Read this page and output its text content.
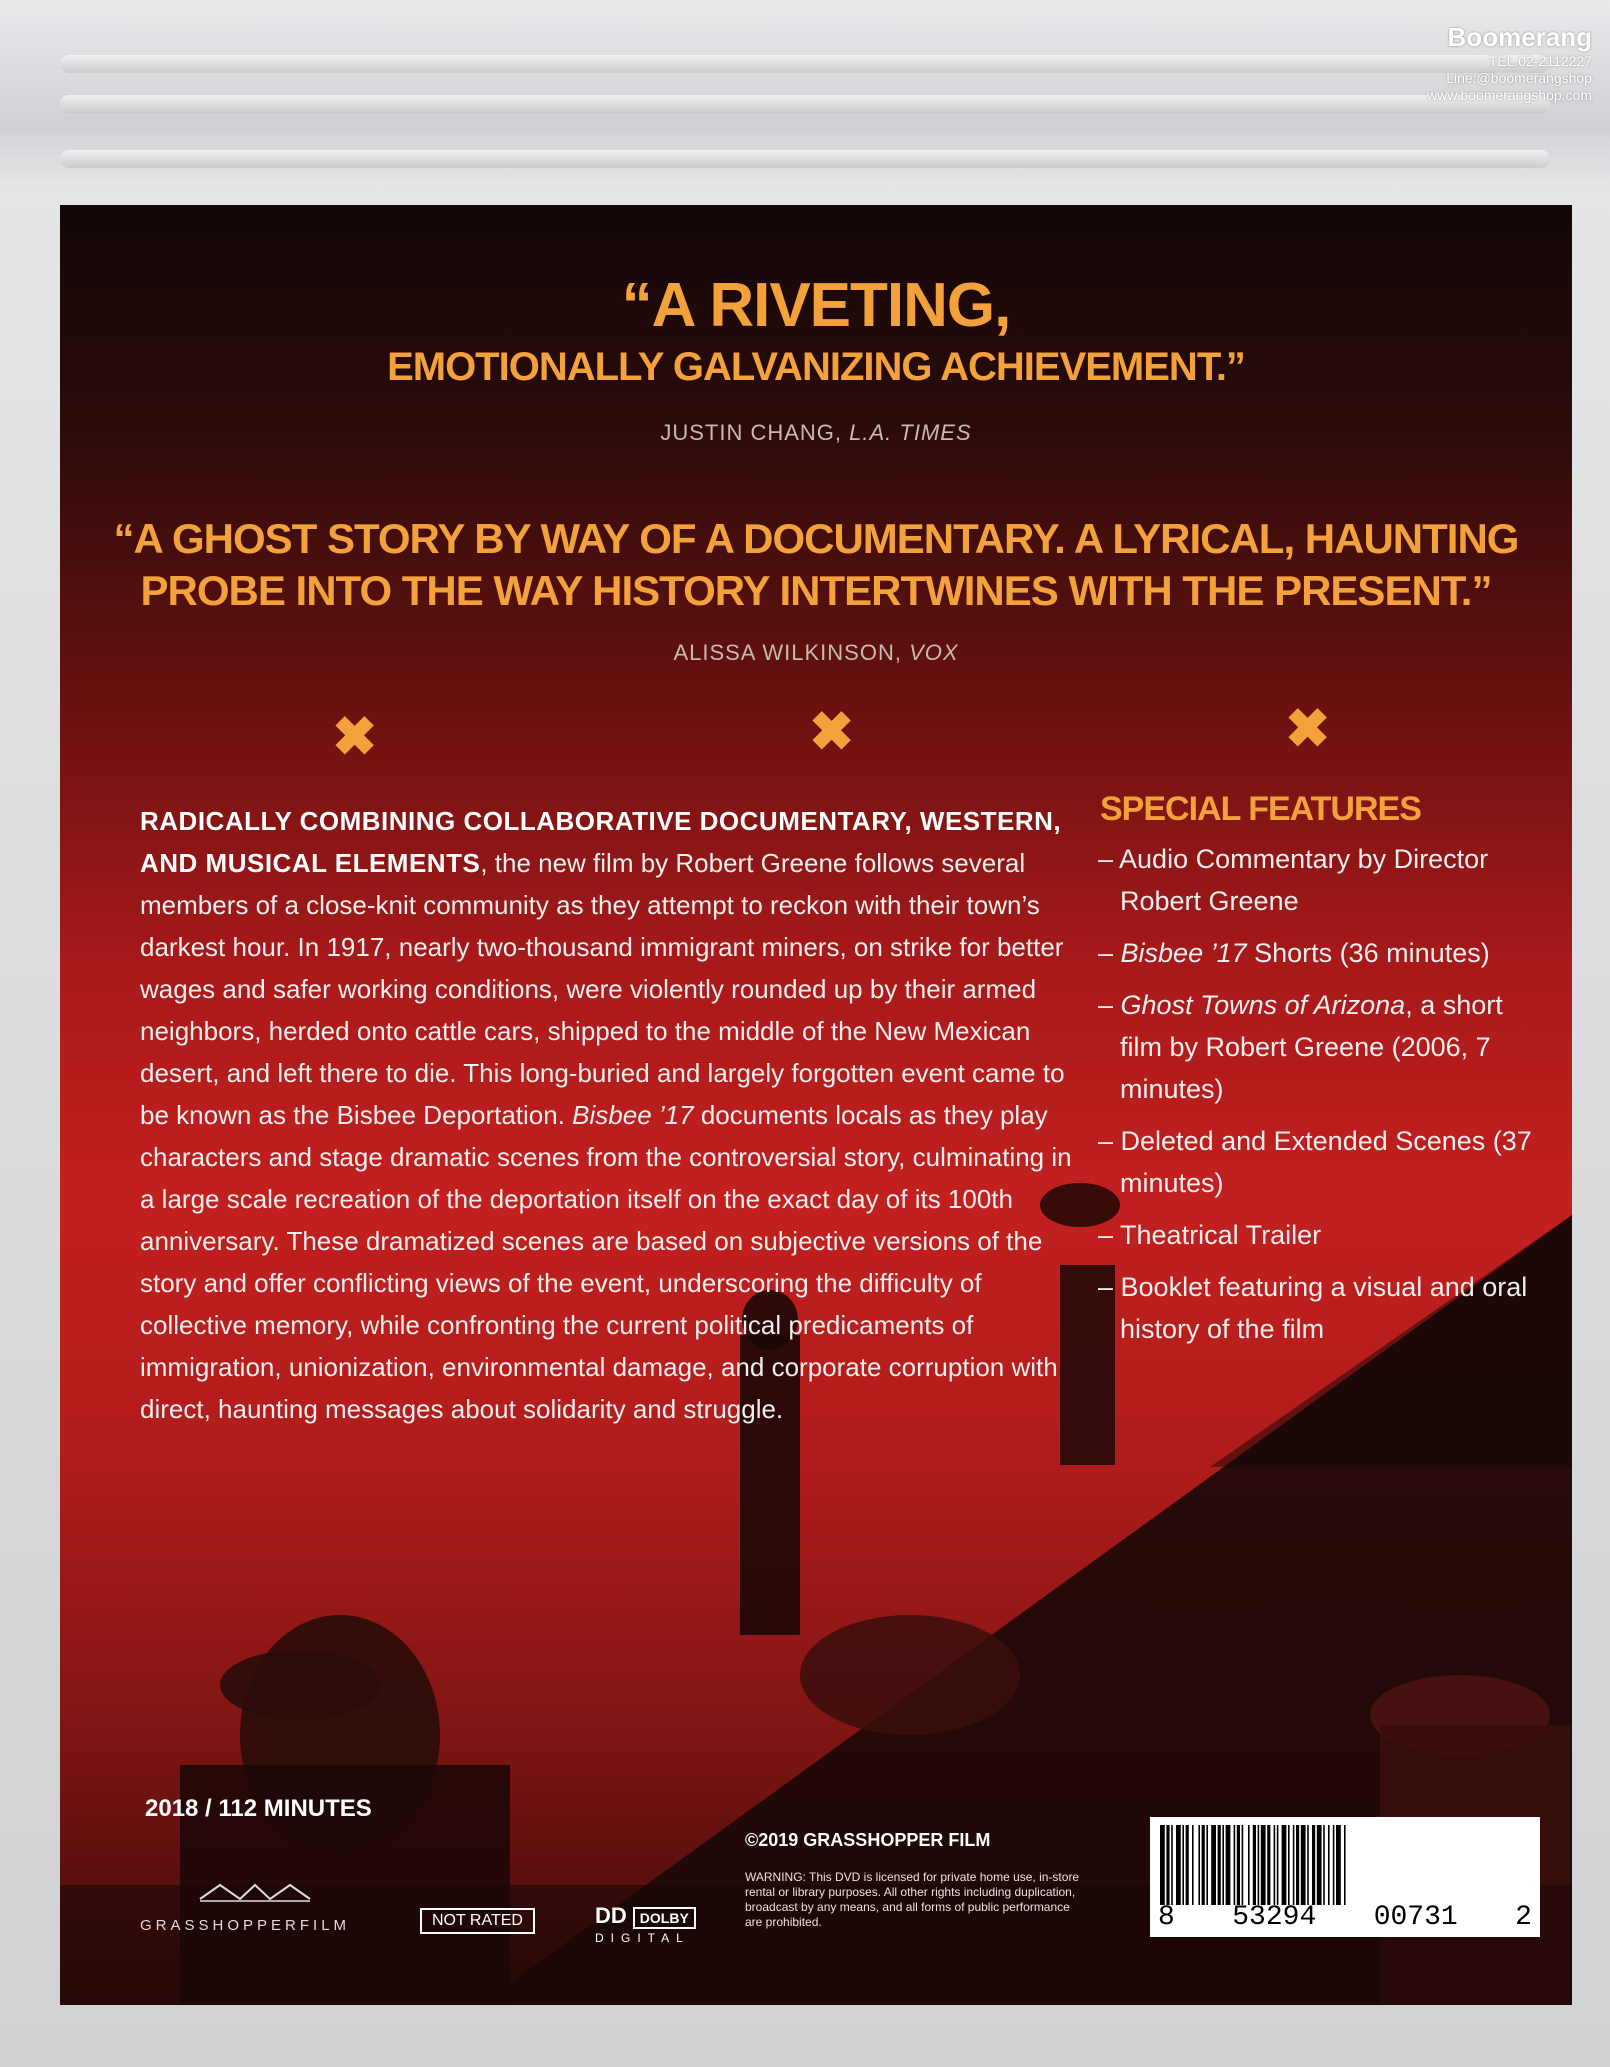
Boomerang
TEL.02-2112227
Line:@boomerangshop
www.boomerangshop.com
“A RIVETING,
EMOTIONALLY GALVANIZING ACHIEVEMENT.”
JUSTIN CHANG, L.A. TIMES
“A GHOST STORY BY WAY OF A DOCUMENTARY. A LYRICAL, HAUNTING
PROBE INTO THE WAY HISTORY INTERTWINES WITH THE PRESENT.”
ALISSA WILKINSON, VOX
✖	✖	✖
RADICALLY COMBINING COLLABORATIVE DOCUMENTARY, WESTERN, AND MUSICAL ELEMENTS, the new film by Robert Greene follows several members of a close-knit community as they attempt to reckon with their town’s darkest hour. In 1917, nearly two-thousand immigrant miners, on strike for better wages and safer working conditions, were violently rounded up by their armed neighbors, herded onto cattle cars, shipped to the middle of the New Mexican desert, and left there to die. This long-buried and largely forgotten event came to be known as the Bisbee Deportation. Bisbee ’17 documents locals as they play characters and stage dramatic scenes from the controversial story, culminating in a large scale recreation of the deportation itself on the exact day of its 100th anniversary. These dramatized scenes are based on subjective versions of the story and offer conflicting views of the event, underscoring the difficulty of collective memory, while confronting the current political predicaments of immigration, unionization, environmental damage, and corporate corruption with direct, haunting messages about solidarity and struggle.
SPECIAL FEATURES
– Audio Commentary by Director Robert Greene
– Bisbee ’17 Shorts (36 minutes)
– Ghost Towns of Arizona, a short film by Robert Greene (2006, 7 minutes)
– Deleted and Extended Scenes (37 minutes)
– Theatrical Trailer
– Booklet featuring a visual and oral history of the film
2018 / 112 MINUTES
GRASSHOPPERFILM	NOT RATED	DD DOLBY
DIGITAL
©2019 GRASSHOPPER FILM
WARNING: This DVD is licensed for private home use, in-store rental or library purposes. All other rights including duplication, broadcast by any means, and all forms of public performance are prohibited.	8 53294 00731 2
